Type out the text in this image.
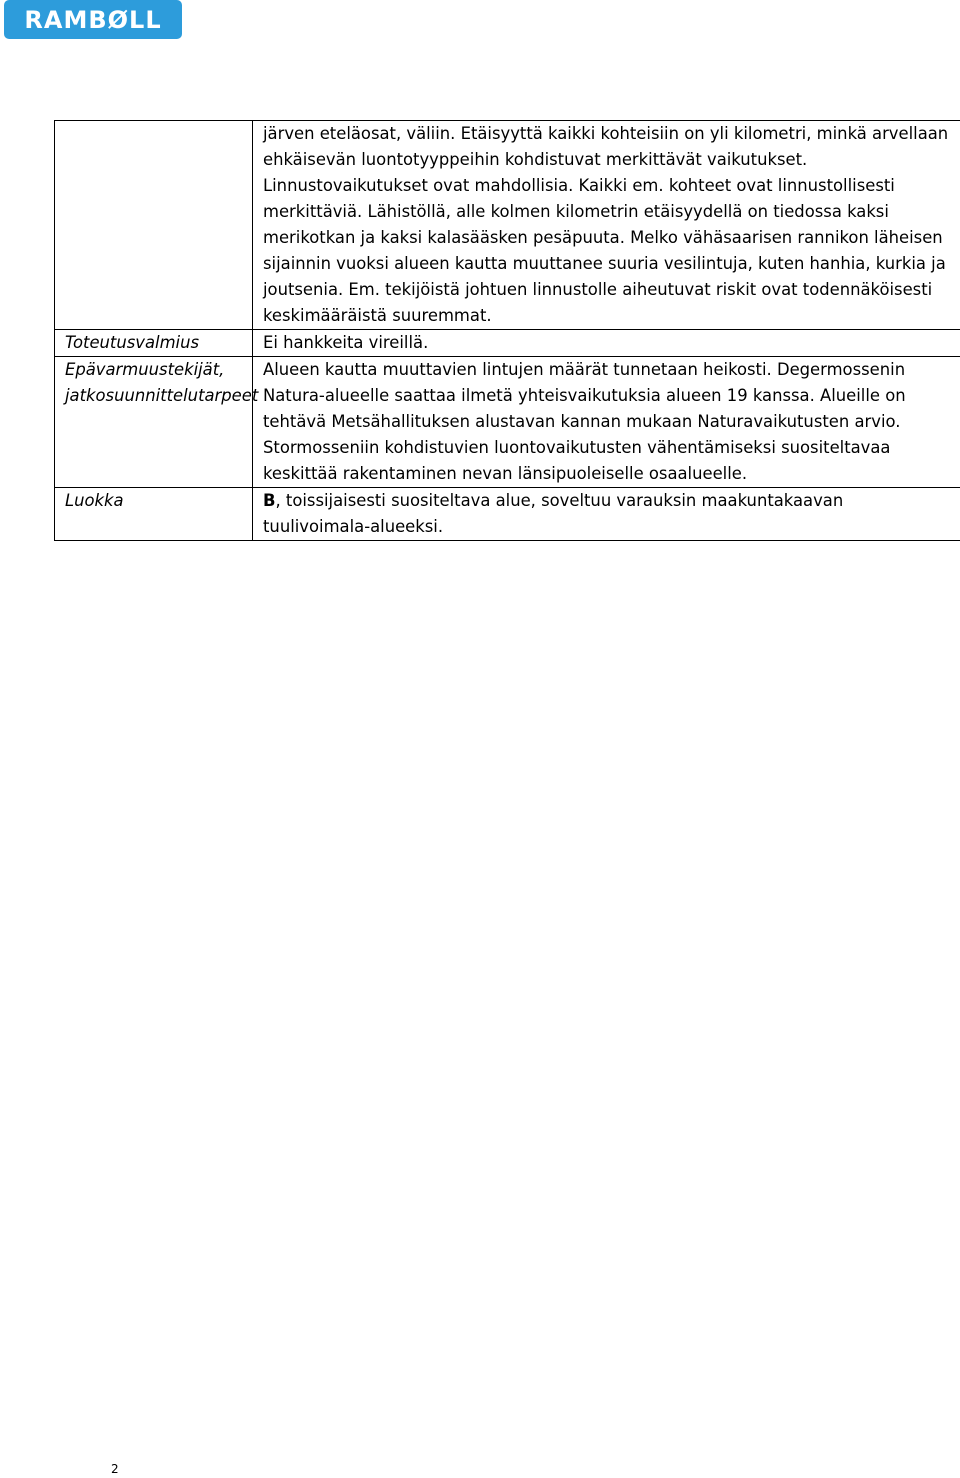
RAMBØLL
	järven eteläosat, väliin. Etäisyyttä kaikki kohteisiin on yli kilometri, minkä arvellaan ehkäisevän luontotyyppeihin kohdistuvat merkittävät vaikutukset. Linnustovaikutukset ovat mahdollisia. Kaikki em. kohteet ovat linnustollisesti merkittäviä. Lähistöllä, alle kolmen kilometrin etäisyydellä on tiedossa kaksi merikotkan ja kaksi kalasääsken pesäpuuta. Melko vähäsaarisen rannikon läheisen sijainnin vuoksi alueen kautta muuttanee suuria vesilintuja, kuten hanhia, kurkia ja joutsenia. Em. tekijöistä johtuen linnustolle aiheutuvat riskit ovat todennäköisesti keskimääräistä suuremmat.
Toteutusvalmius	Ei hankkeita vireillä.
Epävarmuustekijät, jatkosuunnittelutarpeet	Alueen kautta muuttavien lintujen määrät tunnetaan heikosti. Degermossenin Natura-alueelle saattaa ilmetä yhteisvaikutuksia alueen 19 kanssa. Alueille on tehtävä Metsähallituksen alustavan kannan mukaan Naturavaikutusten arvio. Stormosseniin kohdistuvien luontovaikutusten vähentämiseksi suositeltavaa keskittää rakentaminen nevan länsipuoleiselle osaalueelle.
Luokka	B, toissijaisesti suositeltava alue, soveltuu varauksin maakuntakaavan tuulivoimala-alueeksi.
2
